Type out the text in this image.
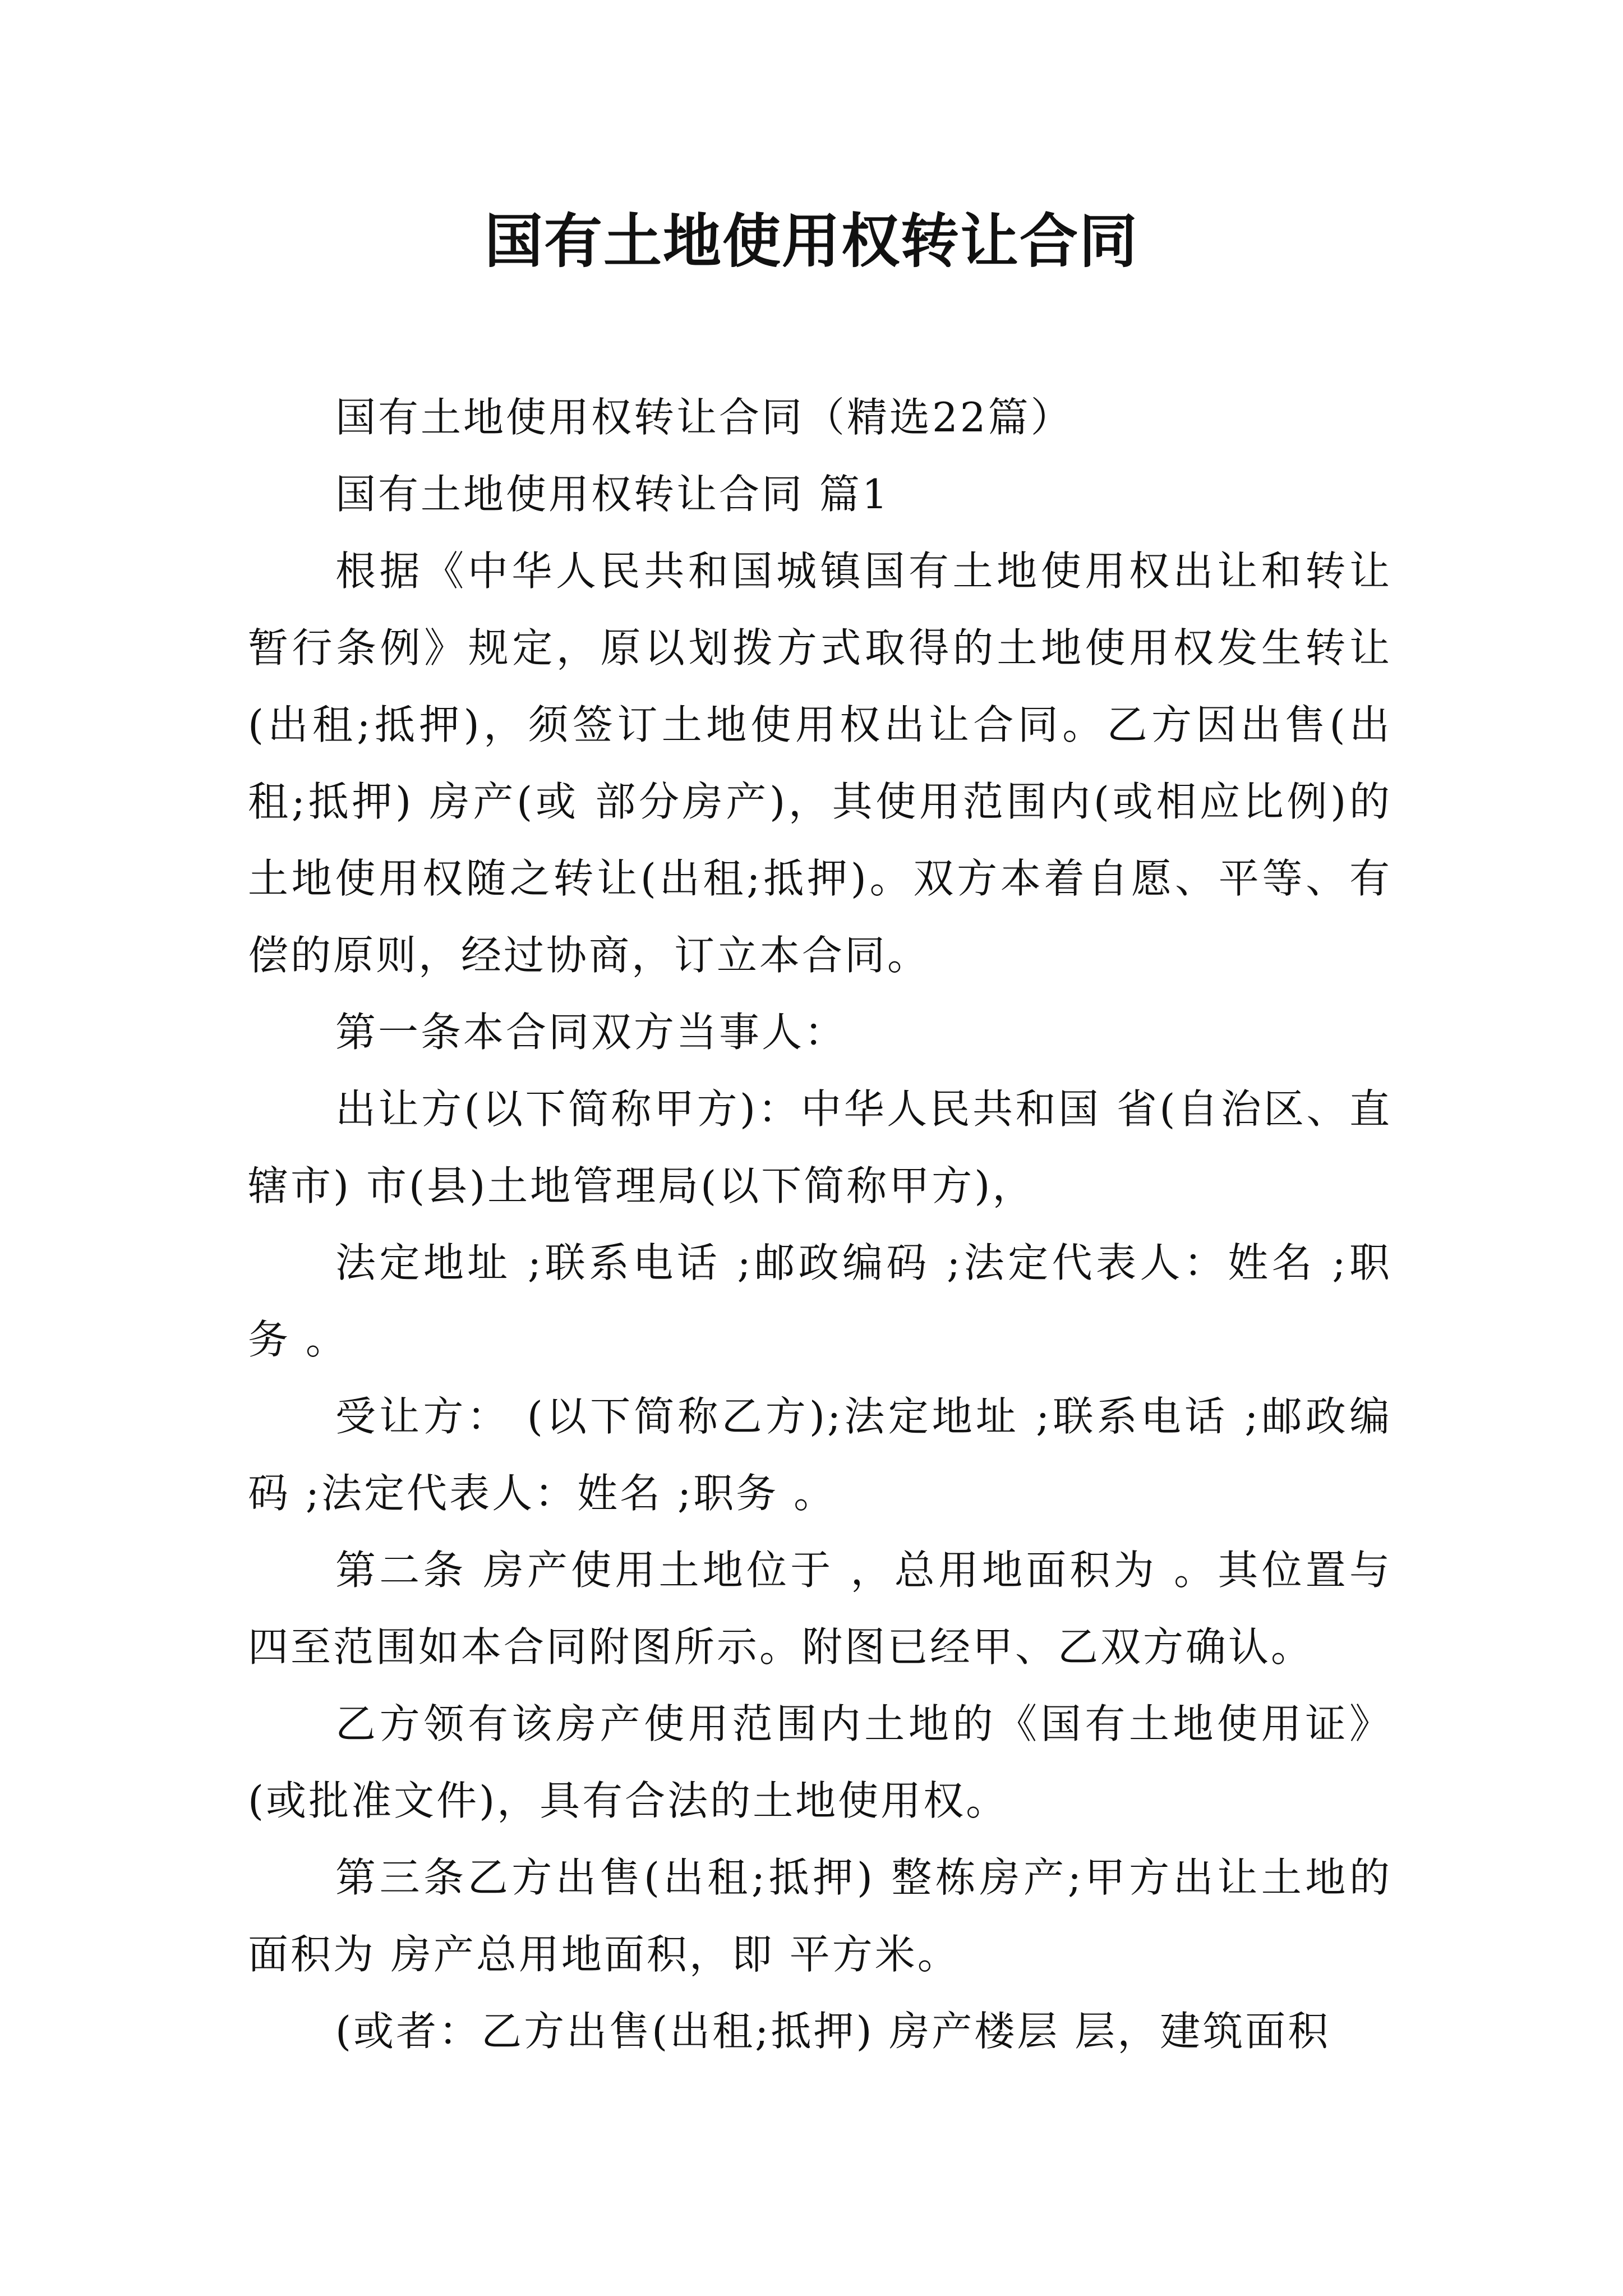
国有土地使用权转让合同

国有土地使用权转让合同（精选22篇）

国有土地使用权转让合同 篇1

根据《中华人民共和国城镇国有土地使用权出让和转让暂行条例》规定，原以划拨方式取得的土地使用权发生转让(出租;抵押)，须签订土地使用权出让合同。乙方因出售(出租;抵押) 房产(或 部分房产)，其使用范围内(或相应比例)的土地使用权随之转让(出租;抵押)。双方本着自愿、平等、有偿的原则，经过协商，订立本合同。

第一条本合同双方当事人：

出让方(以下简称甲方)：中华人民共和国 省(自治区、直辖市) 市(县)土地管理局(以下简称甲方)，

法定地址 ;联系电话 ;邮政编码 ;法定代表人：姓名 ;职务 。

受让方： (以下简称乙方);法定地址 ;联系电话 ;邮政编码 ;法定代表人：姓名 ;职务 。

第二条 房产使用土地位于 ，总用地面积为 。其位置与四至范围如本合同附图所示。附图已经甲、乙双方确认。

乙方领有该房产使用范围内土地的《国有土地使用证》(或批准文件)，具有合法的土地使用权。

第三条乙方出售(出租;抵押) 整栋房产;甲方出让土地的面积为 房产总用地面积，即 平方米。

(或者：乙方出售(出租;抵押) 房产楼层 层，建筑面积
